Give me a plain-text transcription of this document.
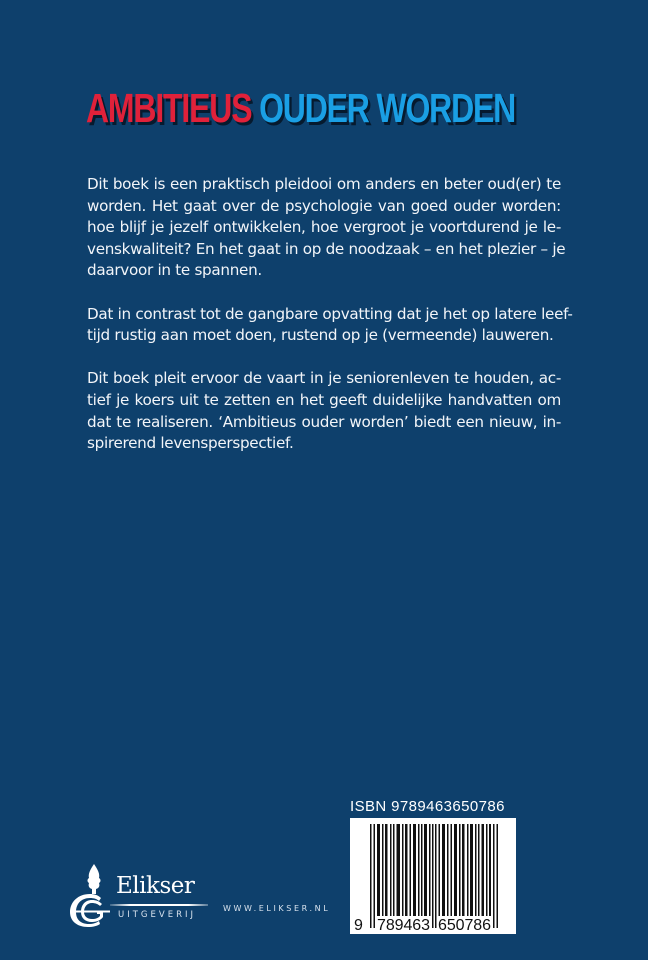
AMBITIEUS OUDER WORDEN

Dit boek is een praktisch pleidooi om anders en beter oud(er) te
worden. Het gaat over de psychologie van goed ouder worden:
hoe blijf je jezelf ontwikkelen, hoe vergroot je voortdurend je le-
venskwaliteit? En het gaat in op de noodzaak – en het plezier – je
daarvoor in te spannen.

Dat in contrast tot de gangbare opvatting dat je het op latere leef-
tijd rustig aan moet doen, rustend op je (vermeende) lauweren.

Dit boek pleit ervoor de vaart in je seniorenleven te houden, ac-
tief je koers uit te zetten en het geeft duidelijke handvatten om
dat te realiseren. ‘Ambitieus ouder worden’ biedt een nieuw, in-
spirerend levensperspectief.

Elikser
UITGEVERIJ
WWW.ELIKSER.NL
ISBN 9789463650786
9 789463 650786
